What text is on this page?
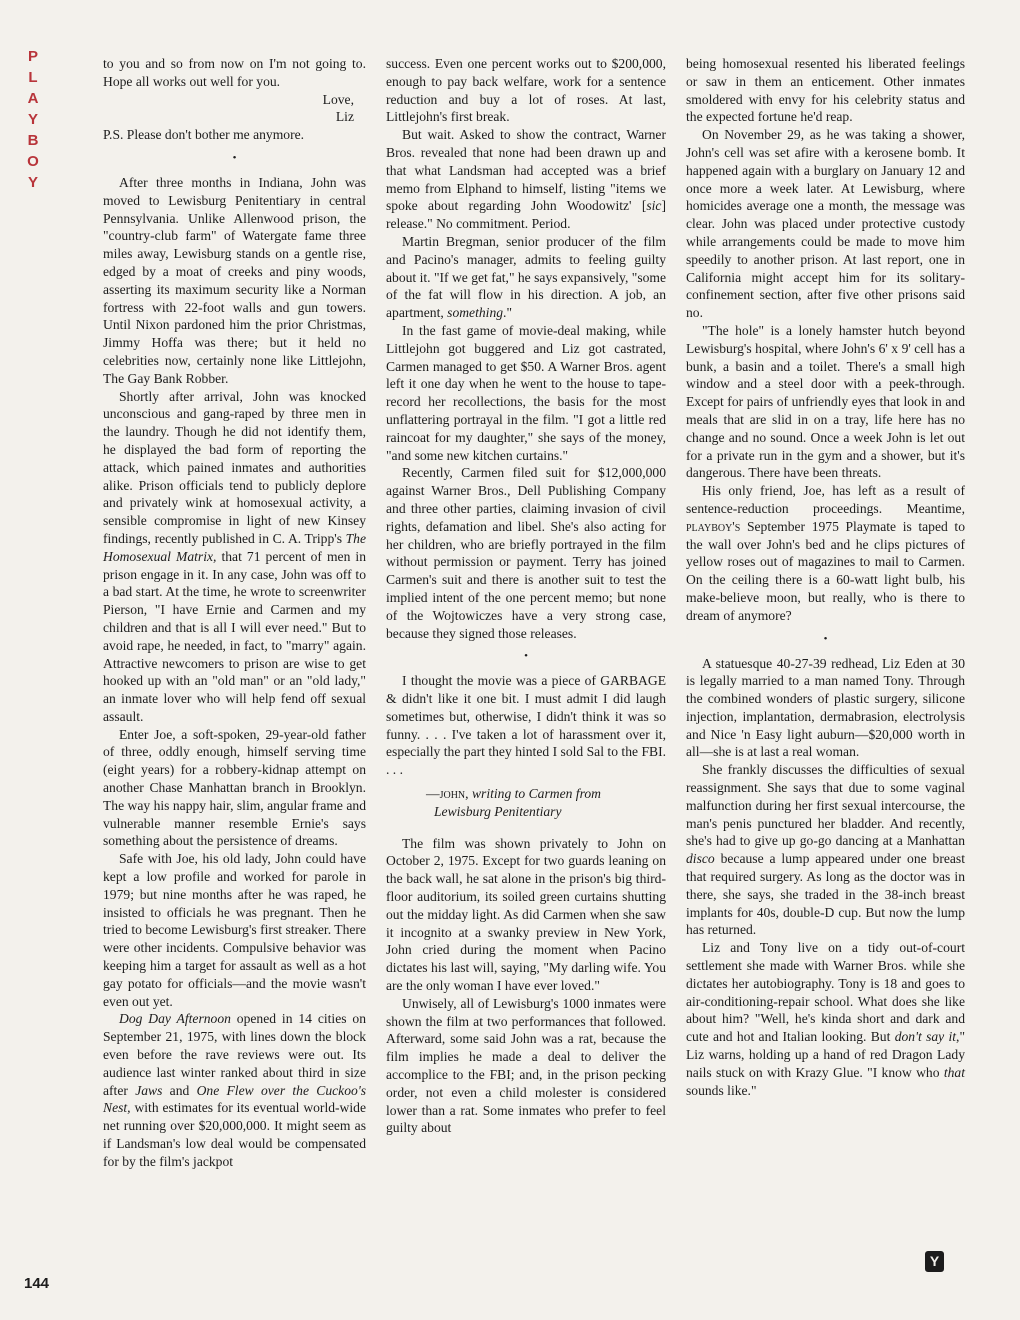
P
L
A
Y
B
O
Y
144

to you and so from now on I'm not going to. Hope all works out well for you.

Love,

Liz

P.S. Please don't bother me anymore.

•

After three months in Indiana, John was moved to Lewisburg Penitentiary in central Pennsylvania. Unlike Allenwood prison, the "country-club farm" of Watergate fame three miles away, Lewisburg stands on a gentle rise, edged by a moat of creeks and piny woods, asserting its maximum security like a Norman fortress with 22-foot walls and gun towers. Until Nixon pardoned him the prior Christmas, Jimmy Hoffa was there; but it held no celebrities now, certainly none like Littlejohn, The Gay Bank Robber.

Shortly after arrival, John was knocked unconscious and gang-raped by three men in the laundry. Though he did not identify them, he displayed the bad form of reporting the attack, which pained inmates and authorities alike. Prison officials tend to publicly deplore and privately wink at homosexual activity, a sensible compromise in light of new Kinsey findings, recently published in C. A. Tripp's The Homosexual Matrix, that 71 percent of men in prison engage in it. In any case, John was off to a bad start. At the time, he wrote to screenwriter Pierson, "I have Ernie and Carmen and my children and that is all I will ever need." But to avoid rape, he needed, in fact, to "marry" again. Attractive newcomers to prison are wise to get hooked up with an "old man" or an "old lady," an inmate lover who will help fend off sexual assault.

Enter Joe, a soft-spoken, 29-year-old father of three, oddly enough, himself serving time (eight years) for a robbery-kidnap attempt on another Chase Manhattan branch in Brooklyn. The way his nappy hair, slim, angular frame and vulnerable manner resemble Ernie's says something about the persistence of dreams.

Safe with Joe, his old lady, John could have kept a low profile and worked for parole in 1979; but nine months after he was raped, he insisted to officials he was pregnant. Then he tried to become Lewisburg's first streaker. There were other incidents. Compulsive behavior was keeping him a target for assault as well as a hot gay potato for officials—and the movie wasn't even out yet.

Dog Day Afternoon opened in 14 cities on September 21, 1975, with lines down the block even before the rave reviews were out. Its audience last winter ranked about third in size after Jaws and One Flew over the Cuckoo's Nest, with estimates for its eventual world-wide net running over $20,000,000. It might seem as if Landsman's low deal would be compensated for by the film's jackpot

success. Even one percent works out to $200,000, enough to pay back welfare, work for a sentence reduction and buy a lot of roses. At last, Littlejohn's first break.

But wait. Asked to show the contract, Warner Bros. revealed that none had been drawn up and that what Landsman had accepted was a brief memo from Elphand to himself, listing "items we spoke about regarding John Woodowitz' [sic] release." No commitment. Period.

Martin Bregman, senior producer of the film and Pacino's manager, admits to feeling guilty about it. "If we get fat," he says expansively, "some of the fat will flow in his direction. A job, an apartment, something."

In the fast game of movie-deal making, while Littlejohn got buggered and Liz got castrated, Carmen managed to get $50. A Warner Bros. agent left it one day when he went to the house to tape-record her recollections, the basis for the most unflattering portrayal in the film. "I got a little red raincoat for my daughter," she says of the money, "and some new kitchen curtains."

Recently, Carmen filed suit for $12,000,000 against Warner Bros., Dell Publishing Company and three other parties, claiming invasion of civil rights, defamation and libel. She's also acting for her children, who are briefly portrayed in the film without permission or payment. Terry has joined Carmen's suit and there is another suit to test the implied intent of the one percent memo; but none of the Wojtowiczes have a very strong case, because they signed those releases.

•

I thought the movie was a piece of GARBAGE & didn't like it one bit. I must admit I did laugh sometimes but, otherwise, I didn't think it was so funny. . . . I've taken a lot of harassment over it, especially the part they hinted I sold Sal to the FBI. . . .

—john, writing to Carmen from
Lewisburg Penitentiary

The film was shown privately to John on October 2, 1975. Except for two guards leaning on the back wall, he sat alone in the prison's big third-floor auditorium, its soiled green curtains shutting out the midday light. As did Carmen when she saw it incognito at a swanky preview in New York, John cried during the moment when Pacino dictates his last will, saying, "My darling wife. You are the only woman I have ever loved."

Unwisely, all of Lewisburg's 1000 inmates were shown the film at two performances that followed. Afterward, some said John was a rat, because the film implies he made a deal to deliver the accomplice to the FBI; and, in the prison pecking order, not even a child molester is considered lower than a rat. Some inmates who prefer to feel guilty about

being homosexual resented his liberated feelings or saw in them an enticement. Other inmates smoldered with envy for his celebrity status and the expected fortune he'd reap.

On November 29, as he was taking a shower, John's cell was set afire with a kerosene bomb. It happened again with a burglary on January 12 and once more a week later. At Lewisburg, where homicides average one a month, the message was clear. John was placed under protective custody while arrangements could be made to move him speedily to another prison. At last report, one in California might accept him for its solitary-confinement section, after five other prisons said no.

"The hole" is a lonely hamster hutch beyond Lewisburg's hospital, where John's 6' x 9' cell has a bunk, a basin and a toilet. There's a small high window and a steel door with a peek-through. Except for pairs of unfriendly eyes that look in and meals that are slid in on a tray, life here has no change and no sound. Once a week John is let out for a private run in the gym and a shower, but it's dangerous. There have been threats.

His only friend, Joe, has left as a result of sentence-reduction proceedings. Meantime, playboy's September 1975 Playmate is taped to the wall over John's bed and he clips pictures of yellow roses out of magazines to mail to Carmen. On the ceiling there is a 60-watt light bulb, his make-believe moon, but really, who is there to dream of anymore?

•

A statuesque 40-27-39 redhead, Liz Eden at 30 is legally married to a man named Tony. Through the combined wonders of plastic surgery, silicone injection, implantation, dermabrasion, electrolysis and Nice 'n Easy light auburn—$20,000 worth in all—she is at last a real woman.

She frankly discusses the difficulties of sexual reassignment. She says that due to some vaginal malfunction during her first sexual intercourse, the man's penis punctured her bladder. And recently, she's had to give up go-go dancing at a Manhattan disco because a lump appeared under one breast that required surgery. As long as the doctor was in there, she says, she traded in the 38-inch breast implants for 40s, double-D cup. But now the lump has returned.

Liz and Tony live on a tidy out-of-court settlement she made with Warner Bros. while she dictates her autobiography. Tony is 18 and goes to air-conditioning-repair school. What does she like about him? "Well, he's kinda short and dark and cute and hot and Italian looking. But don't say it," Liz warns, holding up a hand of red Dragon Lady nails stuck on with Krazy Glue. "I know who that sounds like."

Y
